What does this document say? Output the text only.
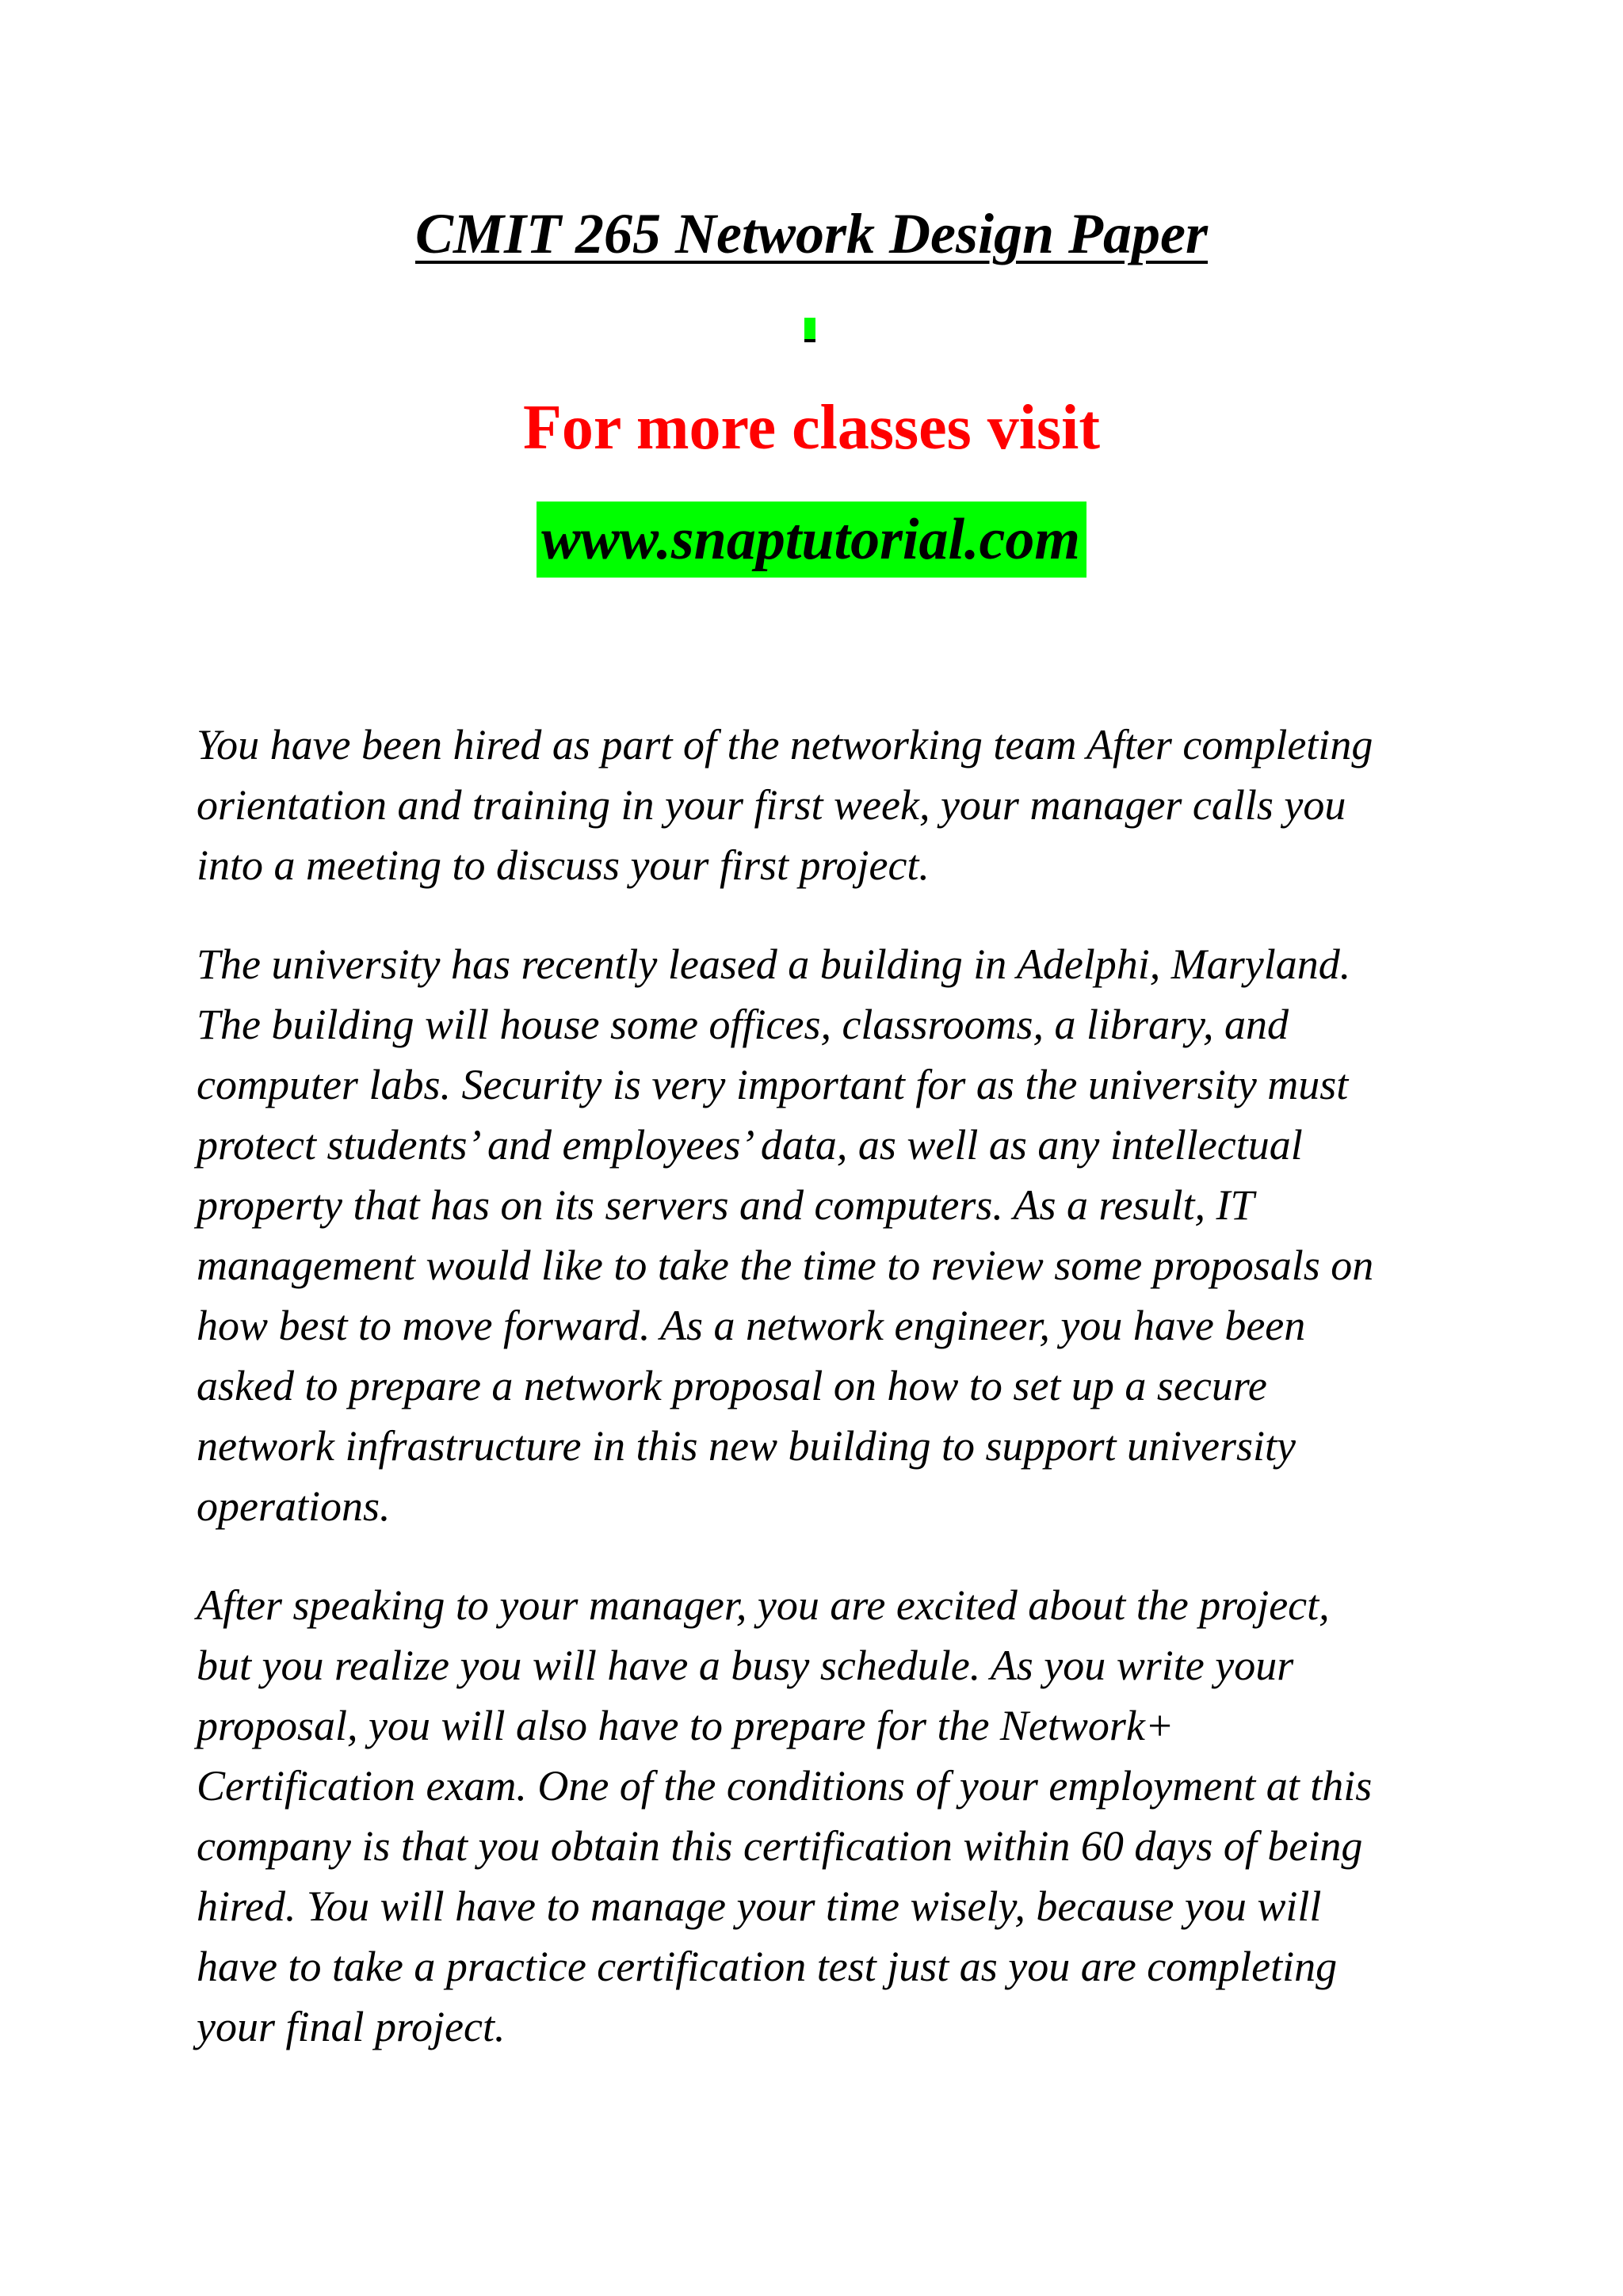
CMIT 265 Network Design Paper
For more classes visit
www.snaptutorial.com
You have been hired as part of the networking team After completing
orientation and training in your first week, your manager calls you
into a meeting to discuss your first project.
The university has recently leased a building in Adelphi, Maryland.
The building will house some offices, classrooms, a library, and
computer labs. Security is very important for as the university must
protect students’ and employees’ data, as well as any intellectual
property that has on its servers and computers. As a result, IT
management would like to take the time to review some proposals on
how best to move forward. As a network engineer, you have been
asked to prepare a network proposal on how to set up a secure
network infrastructure in this new building to support university
operations.
After speaking to your manager, you are excited about the project,
but you realize you will have a busy schedule. As you write your
proposal, you will also have to prepare for the Network+
Certification exam. One of the conditions of your employment at this
company is that you obtain this certification within 60 days of being
hired. You will have to manage your time wisely, because you will
have to take a practice certification test just as you are completing
your final project.
